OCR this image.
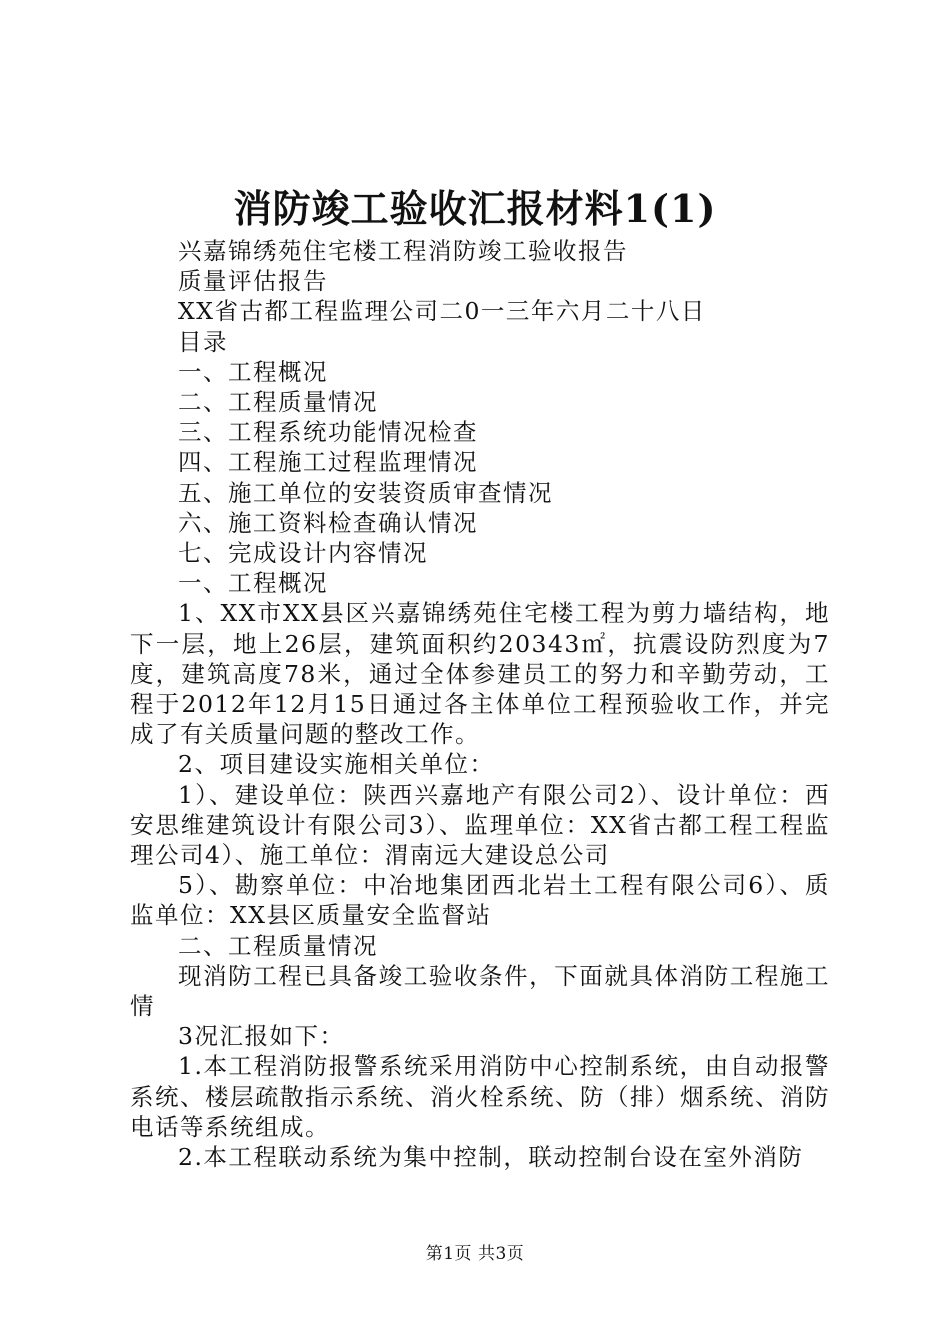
消防竣工验收汇报材料1(1)

兴嘉锦绣苑住宅楼工程消防竣工验收报告

质量评估报告

XX省古都工程监理公司二0一三年六月二十八日

目录

一、工程概况

二、工程质量情况

三、工程系统功能情况检查

四、工程施工过程监理情况

五、施工单位的安装资质审查情况

六、施工资料检查确认情况

七、完成设计内容情况

一、工程概况

1、XX市XX县区兴嘉锦绣苑住宅楼工程为剪力墙结构，地下一层，地上26层，建筑面积约20343㎡，抗震设防烈度为7度，建筑高度78米，通过全体参建员工的努力和辛勤劳动，工程于2012年12月15日通过各主体单位工程预验收工作，并完成了有关质量问题的整改工作。

2、项目建设实施相关单位：

1）、建设单位：陕西兴嘉地产有限公司2）、设计单位：西安思维建筑设计有限公司3）、监理单位：XX省古都工程工程监理公司4）、施工单位：渭南远大建设总公司

5）、勘察单位：中冶地集团西北岩土工程有限公司6）、质监单位：XX县区质量安全监督站

二、工程质量情况

现消防工程已具备竣工验收条件，下面就具体消防工程施工情

3况汇报如下：

1.本工程消防报警系统采用消防中心控制系统，由自动报警系统、楼层疏散指示系统、消火栓系统、防（排）烟系统、消防电话等系统组成。

2.本工程联动系统为集中控制，联动控制台设在室外消防

第1页 共3页
